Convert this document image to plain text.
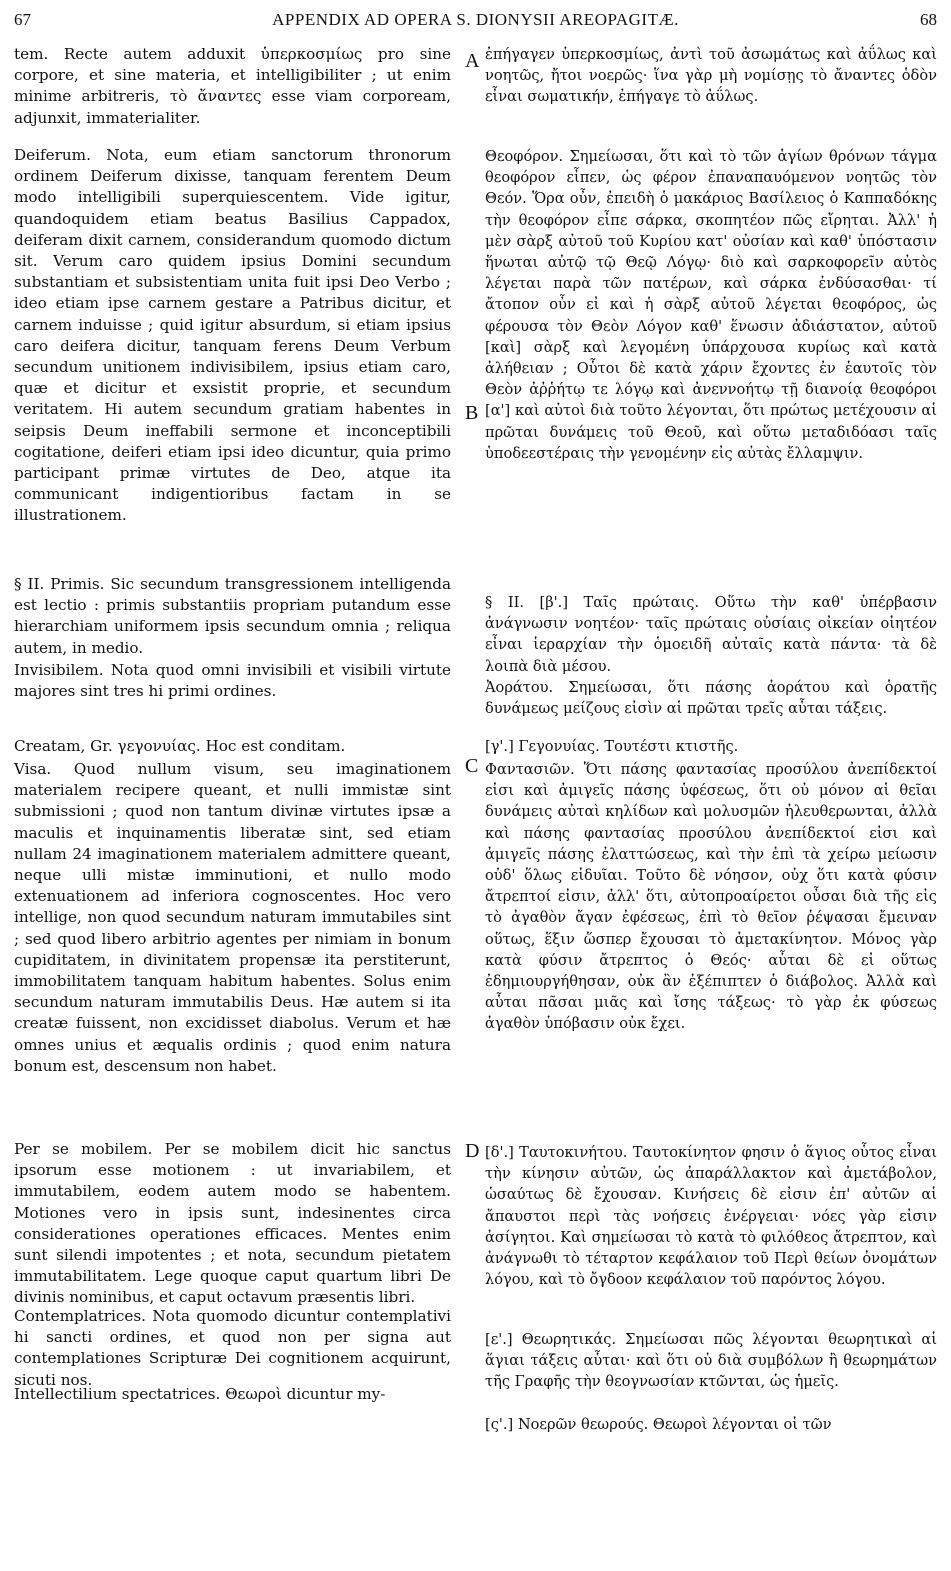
67	APPENDIX AD OPERA S. DIONYSII AREOPAGITÆ.	68

tem. Recte autem adduxit ὑπερκοσμίως pro sine corpore, et sine materia, et intelligibiliter ; ut enim minime arbitreris, τὸ ἄναντες esse viam corpoream, adjunxit, immaterialiter.

Deiferum. Nota, eum etiam sanctorum thronorum ordinem Deiferum dixisse, tanquam ferentem Deum modo intelligibili superquiescentem. Vide igitur, quandoquidem etiam beatus Basilius Cappadox, deiferam dixit carnem, considerandum quomodo dictum sit. Verum caro quidem ipsius Domini secundum substantiam et subsistentiam unita fuit ipsi Deo Verbo ; ideo etiam ipse carnem gestare a Patribus dicitur, et carnem induisse ; quid igitur absurdum, si etiam ipsius caro deifera dicitur, tanquam ferens Deum Verbum secundum unitionem indivisibilem, ipsius etiam caro, quæ et dicitur et exsistit proprie, et secundum veritatem. Hi autem secundum gratiam habentes in seipsis Deum ineffabili sermone et inconceptibili cogitatione, deiferi etiam ipsi ideo dicuntur, quia primo participant primæ virtutes de Deo, atque ita communicant indigentioribus factam in se illustrationem.

§ II. Primis. Sic secundum transgressionem intelligenda est lectio : primis substantiis propriam putandum esse hierarchiam uniformem ipsis secundum omnia ; reliqua autem, in medio.

Invisibilem. Nota quod omni invisibili et visibili virtute majores sint tres hi primi ordines.

Creatam, Gr. γεγονυίας. Hoc est conditam.

Visa. Quod nullum visum, seu imaginationem materialem recipere queant, et nulli immistæ sint submissioni ; quod non tantum divinæ virtutes ipsæ a maculis et inquinamentis liberatæ sint, sed etiam nullam 24 imaginationem materialem admittere queant, neque ulli mistæ imminutioni, et nullo modo extenuationem ad inferiora cognoscentes. Hoc vero intellige, non quod secundum naturam immutabiles sint ; sed quod libero arbitrio agentes per nimiam in bonum cupiditatem, in divinitatem propensæ ita perstiterunt, immobilitatem tanquam habitum habentes. Solus enim secundum naturam immutabilis Deus. Hæ autem si ita creatæ fuissent, non excidisset diabolus. Verum et hæ omnes unius et æqualis ordinis ; quod enim natura bonum est, descensum non habet.

Per se mobilem. Per se mobilem dicit hic sanctus ipsorum esse motionem : ut invariabilem, et immutabilem, eodem autem modo se habentem. Motiones vero in ipsis sunt, indesinentes circa considerationes operationes efficaces. Mentes enim sunt silendi impotentes ; et nota, secundum pietatem immutabilitatem. Lege quoque caput quartum libri De divinis nominibus, et caput octavum præsentis libri.

Contemplatrices. Nota quomodo dicuntur contemplativi hi sancti ordines, et quod non per signa aut contemplationes Scripturæ Dei cognitionem acquirunt, sicuti nos.

Intellectilium spectatrices. Θεωροὶ dicuntur my-

A
B
C
D

ἐπήγαγεν ὑπερκοσμίως, ἀντὶ τοῦ ἀσωμάτως καὶ ἀΰλως καὶ νοητῶς, ἤτοι νοερῶς· ἵνα γὰρ μὴ νομίσῃς τὸ ἄναντες ὁδὸν εἶναι σωματικήν, ἐπήγαγε τὸ ἀΰλως.

Θεοφόρον. Σημείωσαι, ὅτι καὶ τὸ τῶν ἁγίων θρόνων τάγμα θεοφόρον εἶπεν, ὡς φέρον ἐπαναπαυόμενον νοητῶς τὸν Θεόν. Ὅρα οὖν, ἐπειδὴ ὁ μακάριος Βασίλειος ὁ Καππαδόκης τὴν θεοφόρον εἶπε σάρκα, σκοπητέον πῶς εἴρηται. Ἀλλ' ἡ μὲν σὰρξ αὐτοῦ τοῦ Κυρίου κατ' οὐσίαν καὶ καθ' ὑπόστασιν ἥνωται αὐτῷ τῷ Θεῷ Λόγῳ· διὸ καὶ σαρκοφορεῖν αὐτὸς λέγεται παρὰ τῶν πατέρων, καὶ σάρκα ἐνδύσασθαι· τί ἄτοπον οὖν εἰ καὶ ἡ σὰρξ αὐτοῦ λέγεται θεοφόρος, ὡς φέρουσα τὸν Θεὸν Λόγον καθ' ἕνωσιν ἀδιάστατον, αὐτοῦ [καὶ] σὰρξ καὶ λεγομένη ὑπάρχουσα κυρίως καὶ κατὰ ἀλήθειαν ; Οὗτοι δὲ κατὰ χάριν ἔχοντες ἐν ἑαυτοῖς τὸν Θεὸν ἀῤῥήτῳ τε λόγῳ καὶ ἀνεννοήτῳ τῇ διανοίᾳ θεοφόροι [α'] καὶ αὐτοὶ διὰ τοῦτο λέγονται, ὅτι πρώτως μετέχουσιν αἱ πρῶται δυνάμεις τοῦ Θεοῦ, καὶ οὕτω μεταδιδόασι ταῖς ὑποδεεστέραις τὴν γενομένην εἰς αὐτὰς ἔλλαμψιν.

§ II. [β'.] Ταῖς πρώταις. Οὕτω τὴν καθ' ὑπέρβασιν ἀνάγνωσιν νοητέον· ταῖς πρώταις οὐσίαις οἰκείαν οἰητέον εἶναι ἱεραρχίαν τὴν ὁμοειδῆ αὐταῖς κατὰ πάντα· τὰ δὲ λοιπὰ διὰ μέσου.

Ἀοράτου. Σημείωσαι, ὅτι πάσης ἀοράτου καὶ ὁρατῆς δυνάμεως μείζους εἰσὶν αἱ πρῶται τρεῖς αὗται τάξεις.

[γ'.] Γεγονυίας. Τουτέστι κτιστῆς.

Φαντασιῶν. Ὅτι πάσης φαντασίας προσύλου ἀνεπίδεκτοί εἰσι καὶ ἀμιγεῖς πάσης ὑφέσεως, ὅτι οὐ μόνον αἱ θεῖαι δυνάμεις αὐταὶ κηλίδων καὶ μολυσμῶν ἠλευθερωνται, ἀλλὰ καὶ πάσης φαντασίας προσύλου ἀνεπίδεκτοί εἰσι καὶ ἀμιγεῖς πάσης ἐλαττώσεως, καὶ τὴν ἐπὶ τὰ χείρω μείωσιν οὐδ' ὅλως εἰδυῖαι. Τοῦτο δὲ νόησον, οὐχ ὅτι κατὰ φύσιν ἄτρεπτοί εἰσιν, ἀλλ' ὅτι, αὐτοπροαίρετοι οὖσαι διὰ τῆς εἰς τὸ ἀγαθὸν ἄγαν ἐφέσεως, ἐπὶ τὸ θεῖον ῥέψασαι ἔμειναν οὕτως, ἕξιν ὥσπερ ἔχουσαι τὸ ἀμετακίνητον. Μόνος γὰρ κατὰ φύσιν ἄτρεπτος ὁ Θεός· αὗται δὲ εἰ οὕτως ἐδημιουργήθησαν, οὐκ ἂν ἐξέπιπτεν ὁ διάβολος. Ἀλλὰ καὶ αὗται πᾶσαι μιᾶς καὶ ἴσης τάξεως· τὸ γὰρ ἐκ φύσεως ἀγαθὸν ὑπόβασιν οὐκ ἔχει.

[δ'.] Ταυτοκινήτου. Ταυτοκίνητον φησιν ὁ ἅγιος οὗτος εἶναι τὴν κίνησιν αὐτῶν, ὡς ἀπαράλλακτον καὶ ἀμετάβολον, ὡσαύτως δὲ ἔχουσαν. Κινήσεις δὲ εἰσιν ἐπ' αὐτῶν αἱ ἄπαυστοι περὶ τὰς νοήσεις ἐνέργειαι· νόες γὰρ εἰσιν ἀσίγητοι. Καὶ σημείωσαι τὸ κατὰ τὸ φιλόθεος ἄτρεπτον, καὶ ἀνάγνωθι τὸ τέταρτον κεφάλαιον τοῦ Περὶ θείων ὀνομάτων λόγου, καὶ τὸ ὄγδοον κεφάλαιον τοῦ παρόντος λόγου.

[ε'.] Θεωρητικάς. Σημείωσαι πῶς λέγονται θεωρητικαὶ αἱ ἅγιαι τάξεις αὗται· καὶ ὅτι οὐ διὰ συμβόλων ἢ θεωρημάτων τῆς Γραφῆς τὴν θεογνωσίαν κτῶνται, ὡς ἡμεῖς.

[ς'.] Νοερῶν θεωρούς. Θεωροὶ λέγονται οἱ τῶν
